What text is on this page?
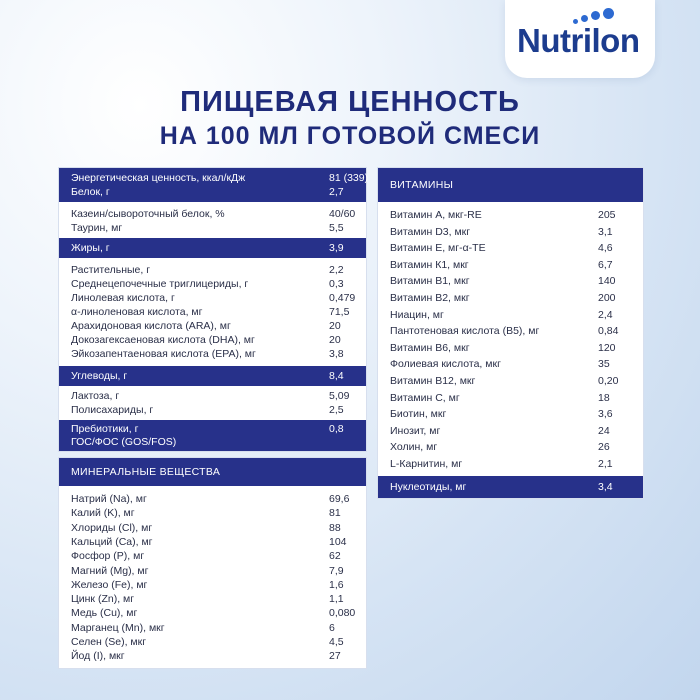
Nutrilon
ПИЩЕВАЯ ЦЕННОСТЬ
НА 100 МЛ ГОТОВОЙ СМЕСИ
Энергетическая ценность, ккал/кДж	81 (339)
Белок, г	2,7
Казеин/сывороточный белок, %	40/60
Таурин, мг	5,5
Жиры, г	3,9
Растительные, г	2,2
Среднецепочечные триглицериды, г	0,3
Линолевая кислота, г	0,479
α-линоленовая кислота, мг	71,5
Арахидоновая кислота (ARA), мг	20
Докозагексаеновая кислота (DHA), мг	20
Эйкозапентаеновая кислота (EPA), мг	3,8
Углеводы, г	8,4
Лактоза, г	5,09
Полисахариды, г	2,5
Пребиотики, г	0,8
ГОС/ФОС (GOS/FOS)
МИНЕРАЛЬНЫЕ ВЕЩЕСТВА
Натрий (Na), мг	69,6
Калий (K), мг	81
Хлориды (Cl), мг	88
Кальций (Ca), мг	104
Фосфор (P), мг	62
Магний (Mg), мг	7,9
Железо (Fe), мг	1,6
Цинк (Zn), мг	1,1
Медь (Cu), мг	0,080
Марганец (Mn), мкг	6
Селен (Se), мкг	4,5
Йод (I), мкг	27
ВИТАМИНЫ
Витамин А, мкг-RE	205
Витамин D3, мкг	3,1
Витамин Е, мг-α-ТЕ	4,6
Витамин К1, мкг	6,7
Витамин В1, мкг	140
Витамин В2, мкг	200
Ниацин, мг	2,4
Пантотеновая кислота (B5), мг	0,84
Витамин В6, мкг	120
Фолиевая кислота, мкг	35
Витамин В12, мкг	0,20
Витамин С, мг	18
Биотин, мкг	3,6
Инозит, мг	24
Холин, мг	26
L-Карнитин, мг	2,1
Нуклеотиды, мг	3,4
